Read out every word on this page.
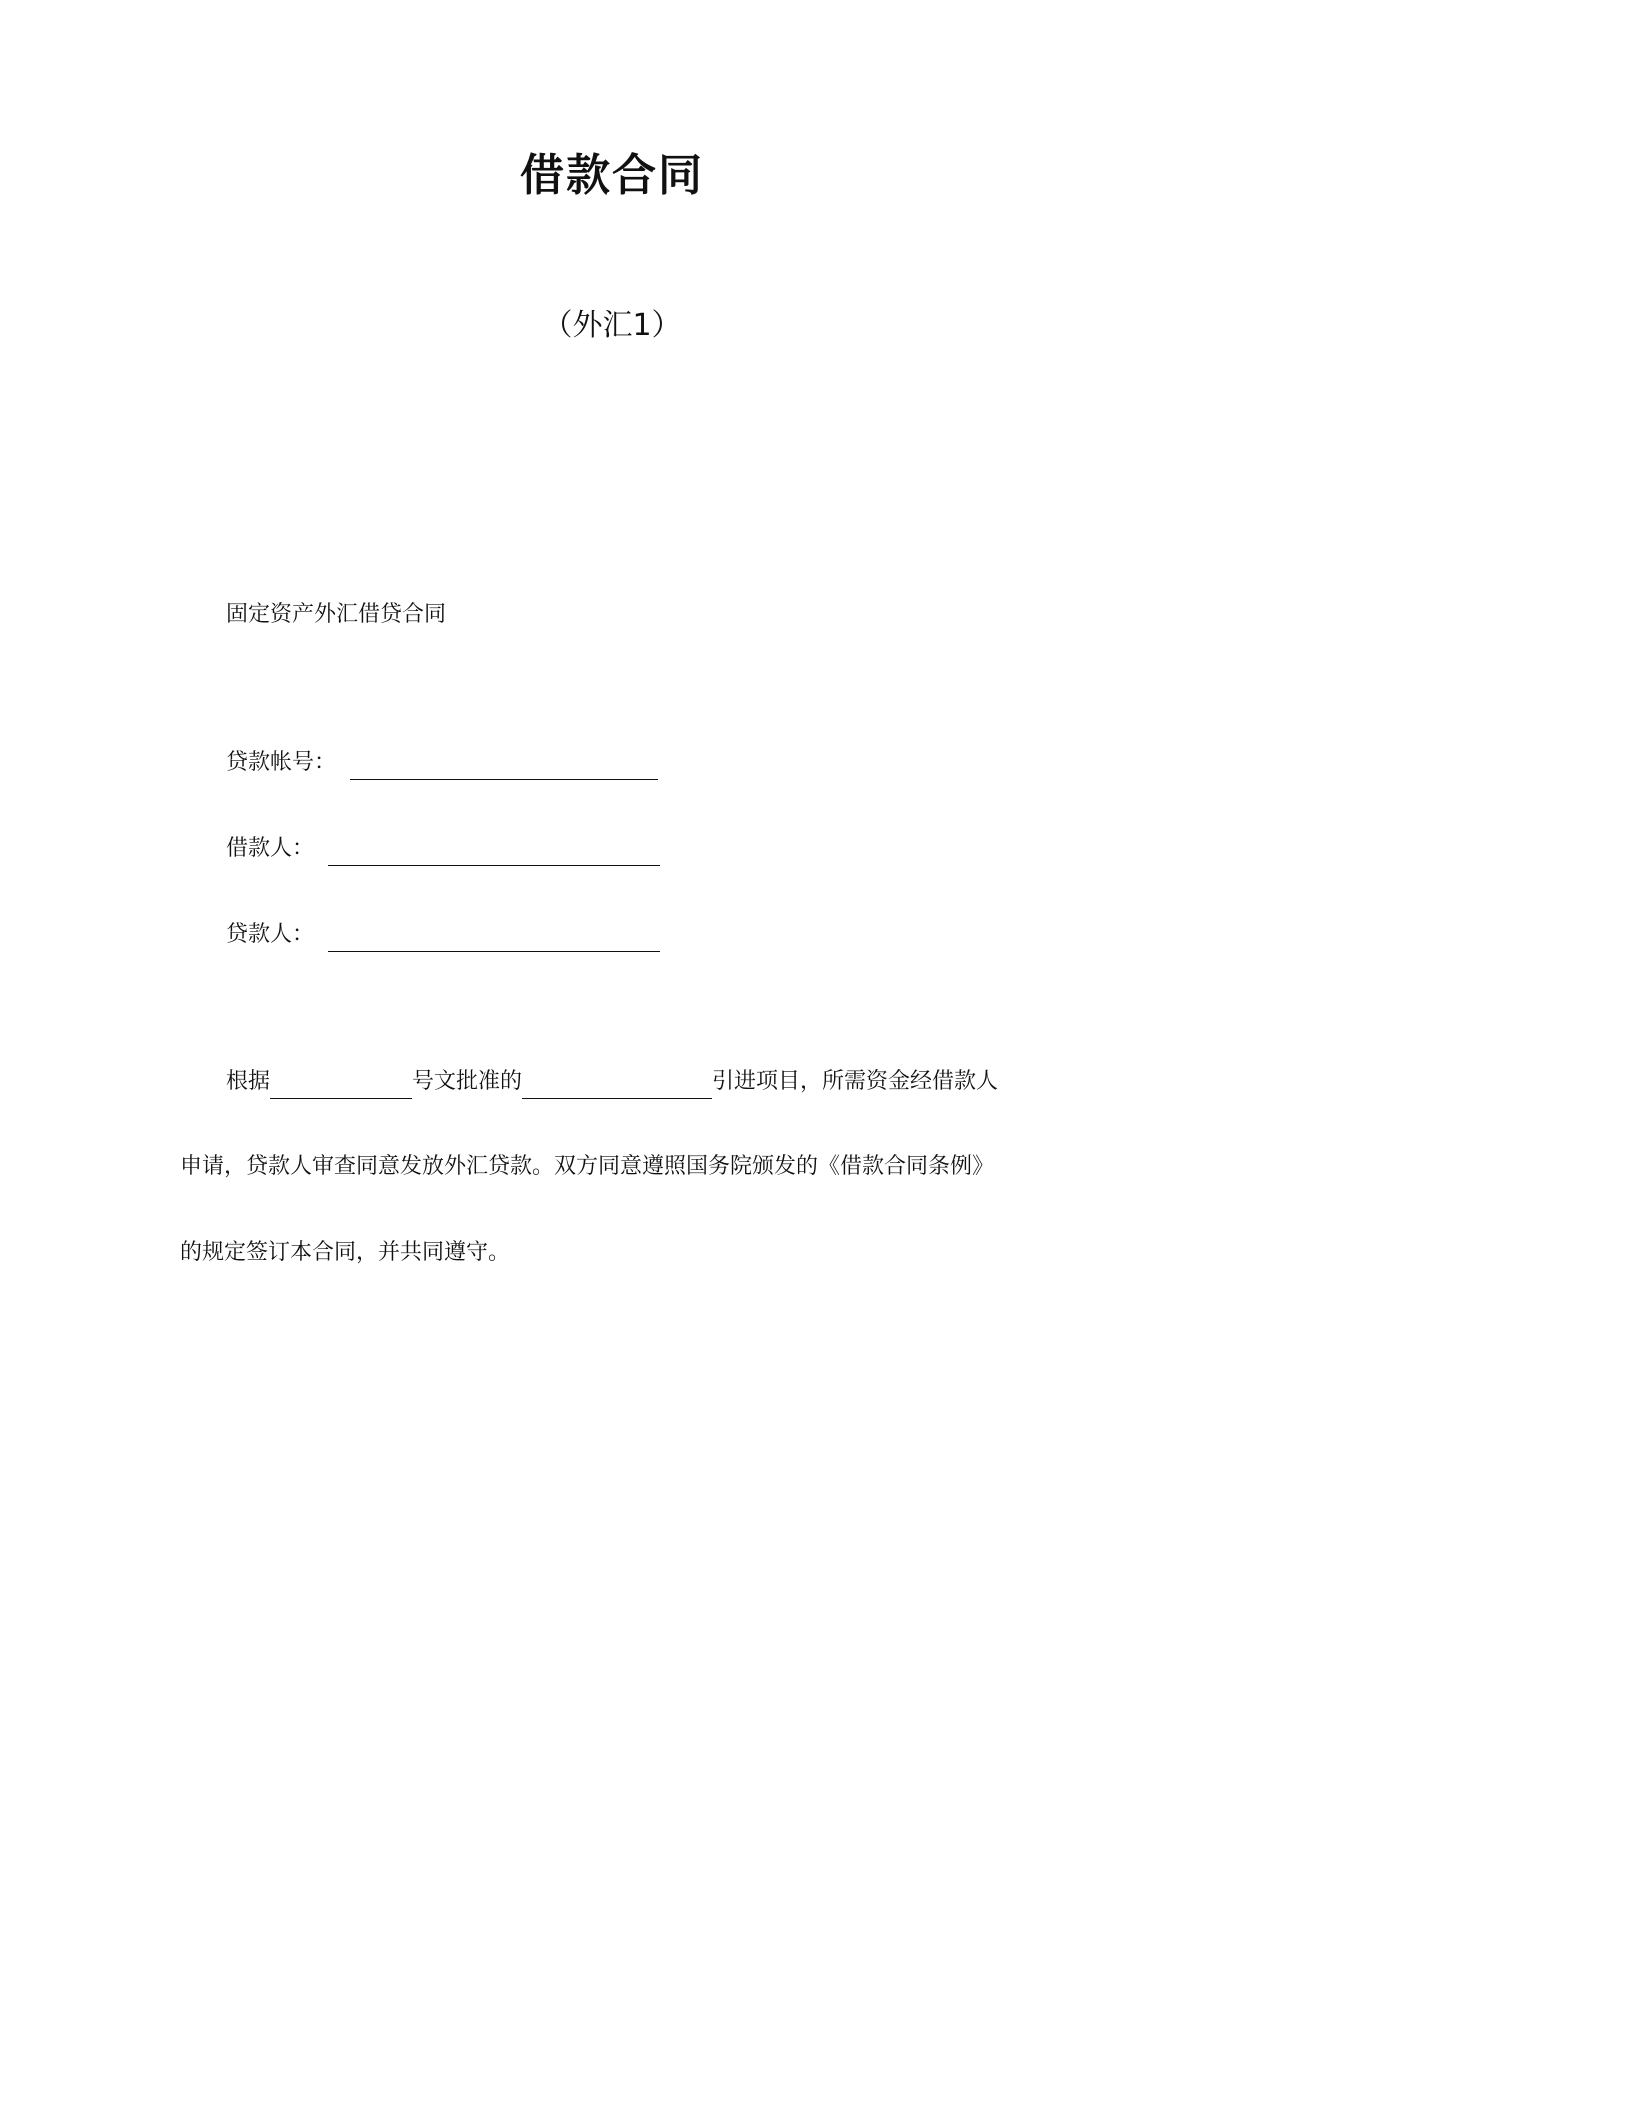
借款合同
（外汇1）
固定资产外汇借贷合同
贷款帐号：
借款人：
贷款人：
根据	号文批准的	引进项目，所需资金经借款人
申请，贷款人审查同意发放外汇贷款。双方同意遵照国务院颁发的《借款合同条例》
的规定签订本合同，并共同遵守。
